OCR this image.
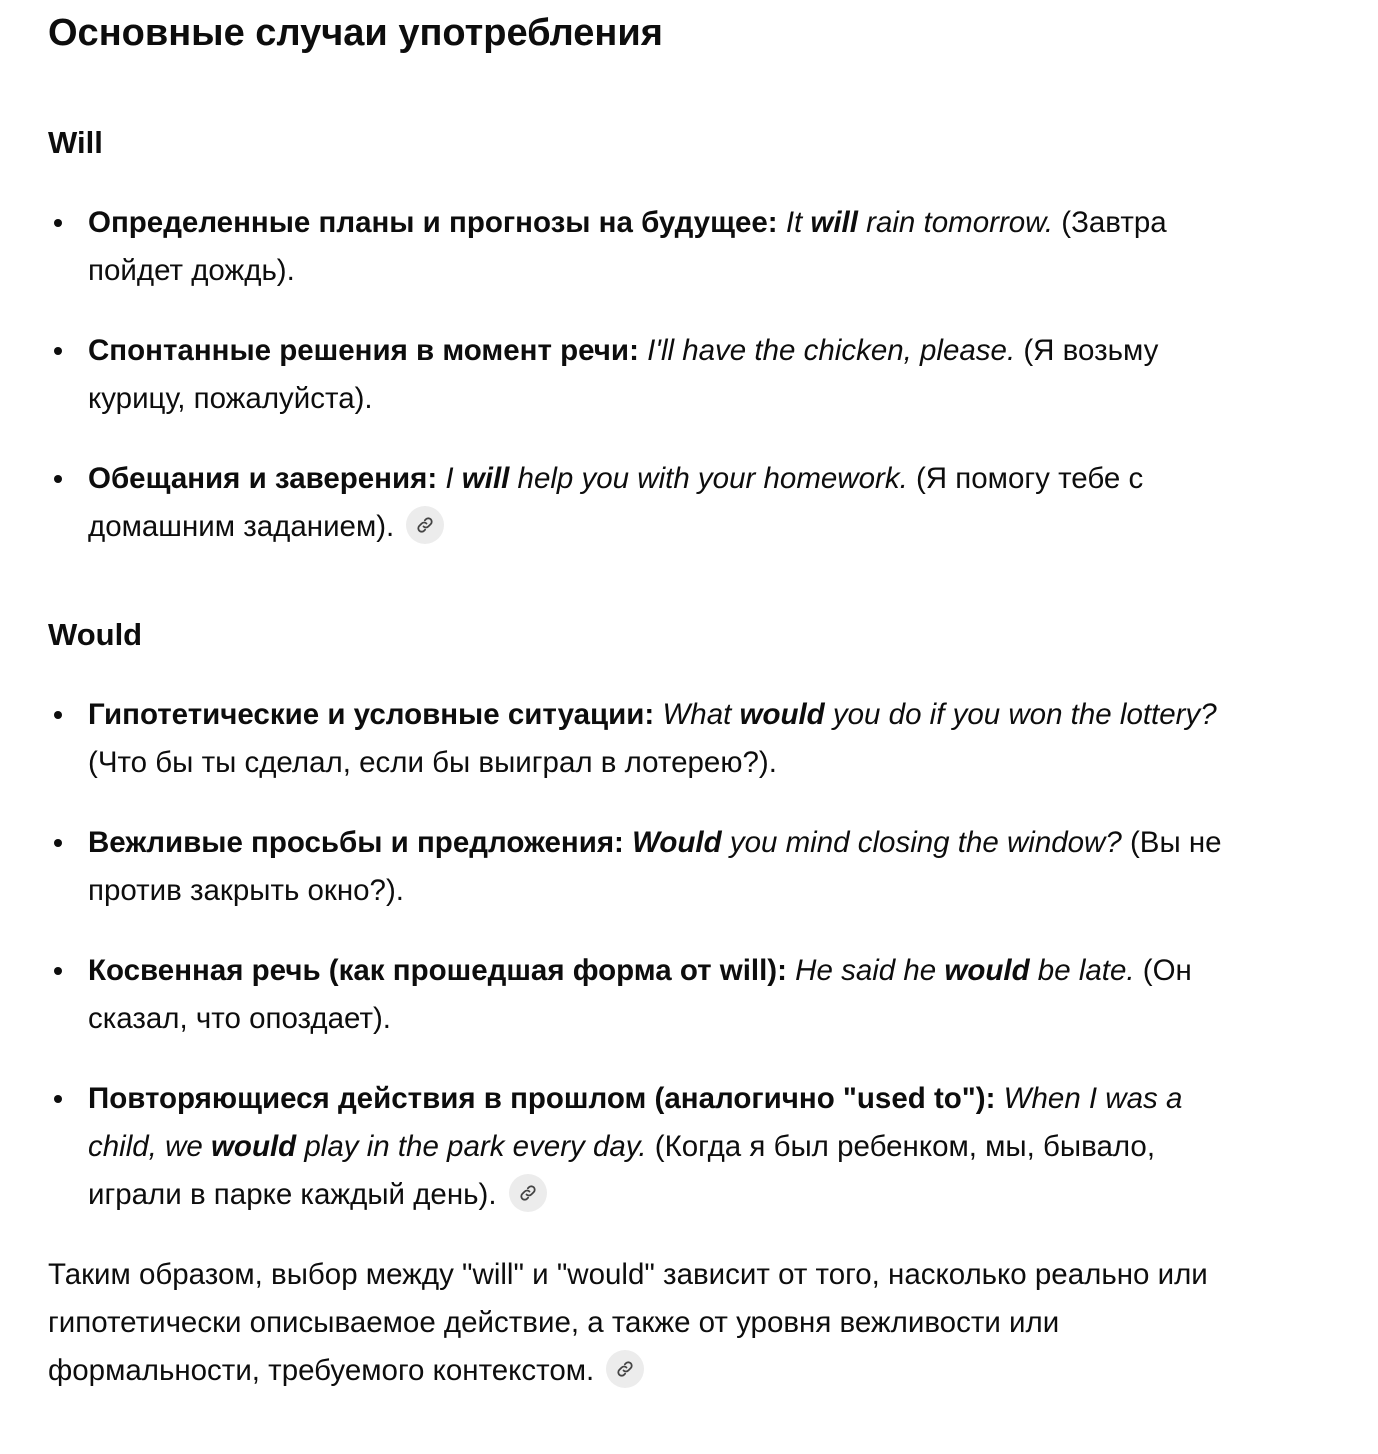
Основные случаи употребления
Will

Определенные планы и прогнозы на будущее: It will rain tomorrow. (Завтра
пойдет дождь).

Спонтанные решения в момент речи: I'll have the chicken, please. (Я возьму
курицу, пожалуйста).

Обещания и заверения: I will help you with your homework. (Я помогу тебе с
домашним заданием).

Would

Гипотетические и условные ситуации: What would you do if you won the lottery?
(Что бы ты сделал, если бы выиграл в лотерею?).

Вежливые просьбы и предложения: Would you mind closing the window? (Вы не
против закрыть окно?).

Косвенная речь (как прошедшая форма от will): He said he would be late. (Он
сказал, что опоздает).

Повторяющиеся действия в прошлом (аналогично "used to"): When I was a
child, we would play in the park every day. (Когда я был ребенком, мы, бывало,
играли в парке каждый день).

Таким образом, выбор между "will" и "would" зависит от того, насколько реально или
гипотетически описываемое действие, а также от уровня вежливости или
формальности, требуемого контекстом.
